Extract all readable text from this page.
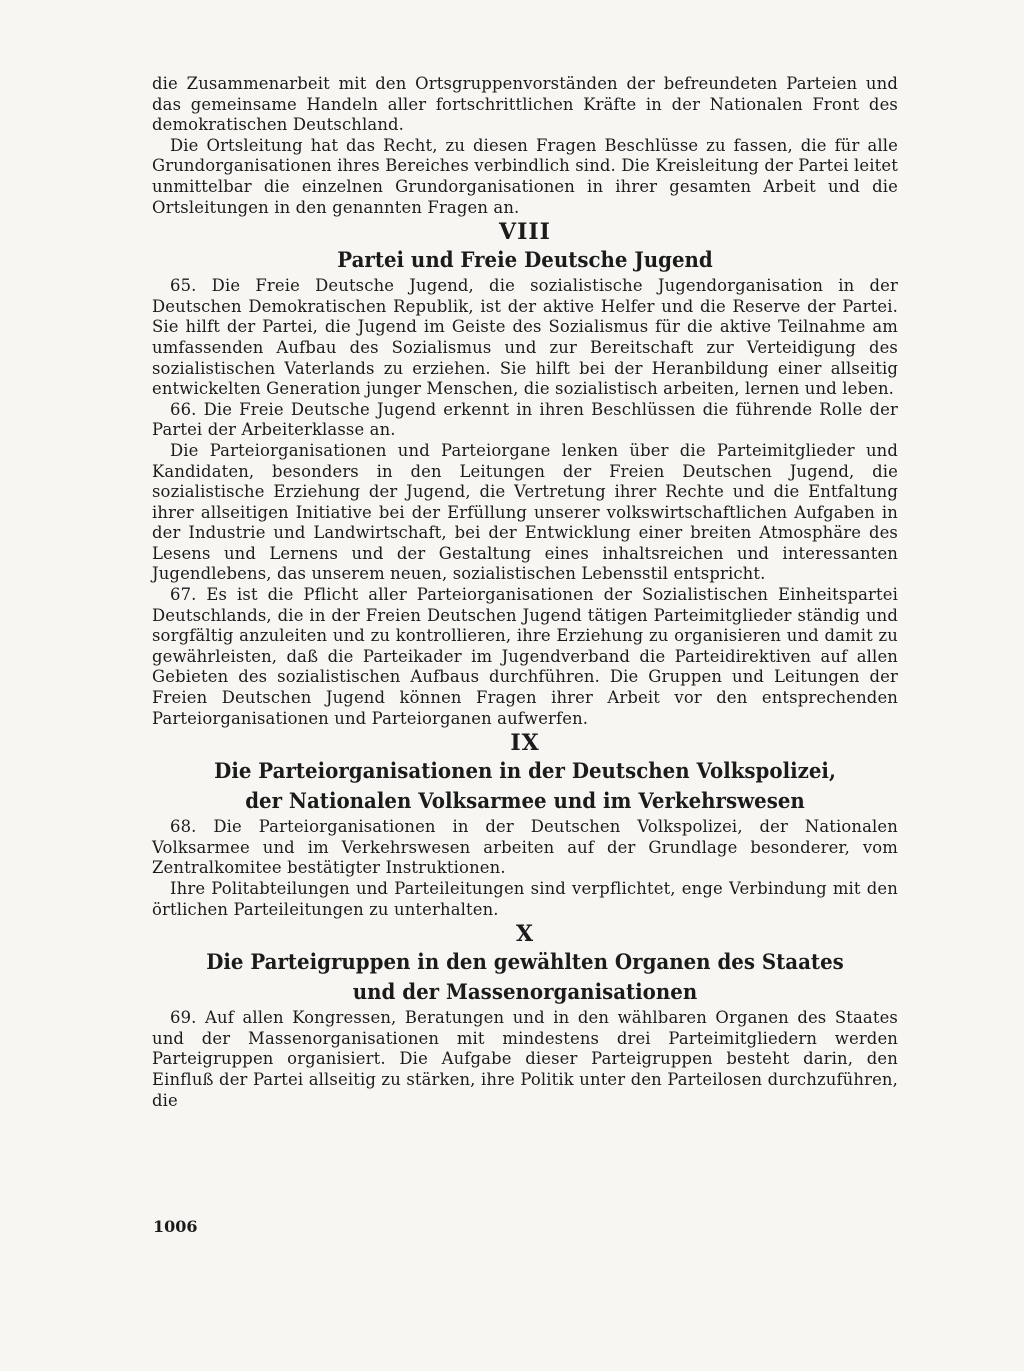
die Zusammenarbeit mit den Ortsgruppenvorständen der befreundeten Parteien und das gemeinsame Handeln aller fortschrittlichen Kräfte in der Nationalen Front des demokratischen Deutschland.

Die Ortsleitung hat das Recht, zu diesen Fragen Beschlüsse zu fassen, die für alle Grundorganisationen ihres Bereiches verbindlich sind. Die Kreisleitung der Partei leitet unmittelbar die einzelnen Grundorganisationen in ihrer gesamten Arbeit und die Ortsleitungen in den genannten Fragen an.

VIII
Partei und Freie Deutsche Jugend

65. Die Freie Deutsche Jugend, die sozialistische Jugendorganisation in der Deutschen Demokratischen Republik, ist der aktive Helfer und die Reserve der Partei. Sie hilft der Partei, die Jugend im Geiste des Sozialismus für die aktive Teilnahme am umfassenden Aufbau des Sozialismus und zur Bereitschaft zur Verteidigung des sozialistischen Vaterlands zu erziehen. Sie hilft bei der Heranbildung einer allseitig entwickelten Generation junger Menschen, die sozialistisch arbeiten, lernen und leben.

66. Die Freie Deutsche Jugend erkennt in ihren Beschlüssen die führende Rolle der Partei der Arbeiterklasse an.

Die Parteiorganisationen und Parteiorgane lenken über die Parteimitglieder und Kandidaten, besonders in den Leitungen der Freien Deutschen Jugend, die sozialistische Erziehung der Jugend, die Vertretung ihrer Rechte und die Entfaltung ihrer allseitigen Initiative bei der Erfüllung unserer volkswirtschaftlichen Aufgaben in der Industrie und Landwirtschaft, bei der Entwicklung einer breiten Atmosphäre des Lesens und Lernens und der Gestaltung eines inhaltsreichen und interessanten Jugendlebens, das unserem neuen, sozialistischen Lebensstil entspricht.

67. Es ist die Pflicht aller Parteiorganisationen der Sozialistischen Einheitspartei Deutschlands, die in der Freien Deutschen Jugend tätigen Parteimitglieder ständig und sorgfältig anzuleiten und zu kontrollieren, ihre Erziehung zu organisieren und damit zu gewährleisten, daß die Parteikader im Jugendverband die Parteidirektiven auf allen Gebieten des sozialistischen Aufbaus durchführen. Die Gruppen und Leitungen der Freien Deutschen Jugend können Fragen ihrer Arbeit vor den entsprechenden Parteiorganisationen und Parteiorganen aufwerfen.

IX
Die Parteiorganisationen in der Deutschen Volkspolizei,
der Nationalen Volksarmee und im Verkehrswesen

68. Die Parteiorganisationen in der Deutschen Volkspolizei, der Nationalen Volksarmee und im Verkehrswesen arbeiten auf der Grundlage besonderer, vom Zentralkomitee bestätigter Instruktionen.

Ihre Politabteilungen und Parteileitungen sind verpflichtet, enge Verbindung mit den örtlichen Parteileitungen zu unterhalten.

X
Die Parteigruppen in den gewählten Organen des Staates
und der Massenorganisationen

69. Auf allen Kongressen, Beratungen und in den wählbaren Organen des Staates und der Massenorganisationen mit mindestens drei Parteimitgliedern werden Parteigruppen organisiert. Die Aufgabe dieser Parteigruppen besteht darin, den Einfluß der Partei allseitig zu stärken, ihre Politik unter den Parteilosen durchzuführen, die

1006
